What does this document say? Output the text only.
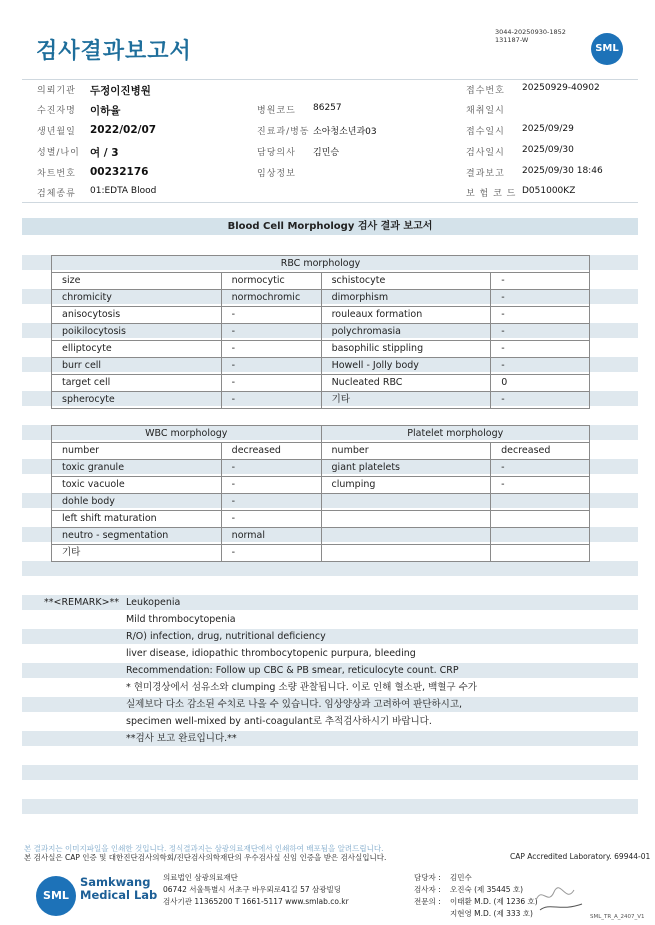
검사결과보고서
3044-20250930-1852
131187-W
SML
의뢰기관 두정이진병원	접수번호 20250929-40902
수진자명 이하율	병원코드 86257	채취일시
생년월일 2022/02/07	진료과/병동 소아청소년과03	접수일시 2025/09/29
성별/나이 여 / 3	담당의사 김민승	검사일시 2025/09/30
차트번호 00232176	임상정보	결과보고 2025/09/30 18:46
검체종류 01:EDTA Blood	보 험 코 드 D051000KZ
Blood Cell Morphology 검사 결과 보고서
RBC morphology			
size	normocytic	schistocyte	-
chromicity	normochromic	dimorphism	-
anisocytosis	-	rouleaux formation	-
poikilocytosis	-	polychromasia	-
elliptocyte	-	basophilic stippling	-
burr cell	-	Howell - Jolly body	-
target cell	-	Nucleated RBC	0
spherocyte	-	기타	-
WBC morphology		Platelet morphology	
number	decreased	number	decreased
toxic granule	-	giant platelets	-
toxic vacuole	-	clumping	-
dohle body	-		
left shift maturation	-		
neutro - segmentation	normal		
기타	-		
**<REMARK>** Leukopenia
Mild thrombocytopenia
R/O) infection, drug, nutritional deficiency
liver disease, idiopathic thrombocytopenic purpura, bleeding
Recommendation: Follow up CBC & PB smear, reticulocyte count. CRP
* 현미경상에서 섬유소와 clumping 소량 관찰됩니다. 이로 인해 혈소판, 백혈구 수가
실제보다 다소 감소된 수치로 나올 수 있습니다. 임상양상과 고려하여 판단하시고,
specimen well-mixed by anti-coagulant로 추적검사하시기 바랍니다.
**검사 보고 완료입니다.**
본 결과지는 이미지파일을 인쇄한 것입니다. 정식결과지는 삼광의료재단에서 인쇄하여 배포됨을 알려드립니다.
본 검사실은 CAP 인증 및 대한진단검사의학회/진단검사의학재단의 우수검사실 신임 인증을 받은 검사실입니다.	CAP Accredited Laboratory. 69944-01
SML
Samkwang
Medical Lab
의료법인 삼광의료재단
06742 서울특별시 서초구 바우뫼로41길 57 삼광빌딩
검사기관 11365200 T 1661-5117 www.smlab.co.kr
담당자 : 김민수
검사자 : 오진숙 (제 35445 호)
전문의 : 이태환 M.D. (제 1236 호)
지현영 M.D. (제 333 호)	SML_TR_A_2407_V1
